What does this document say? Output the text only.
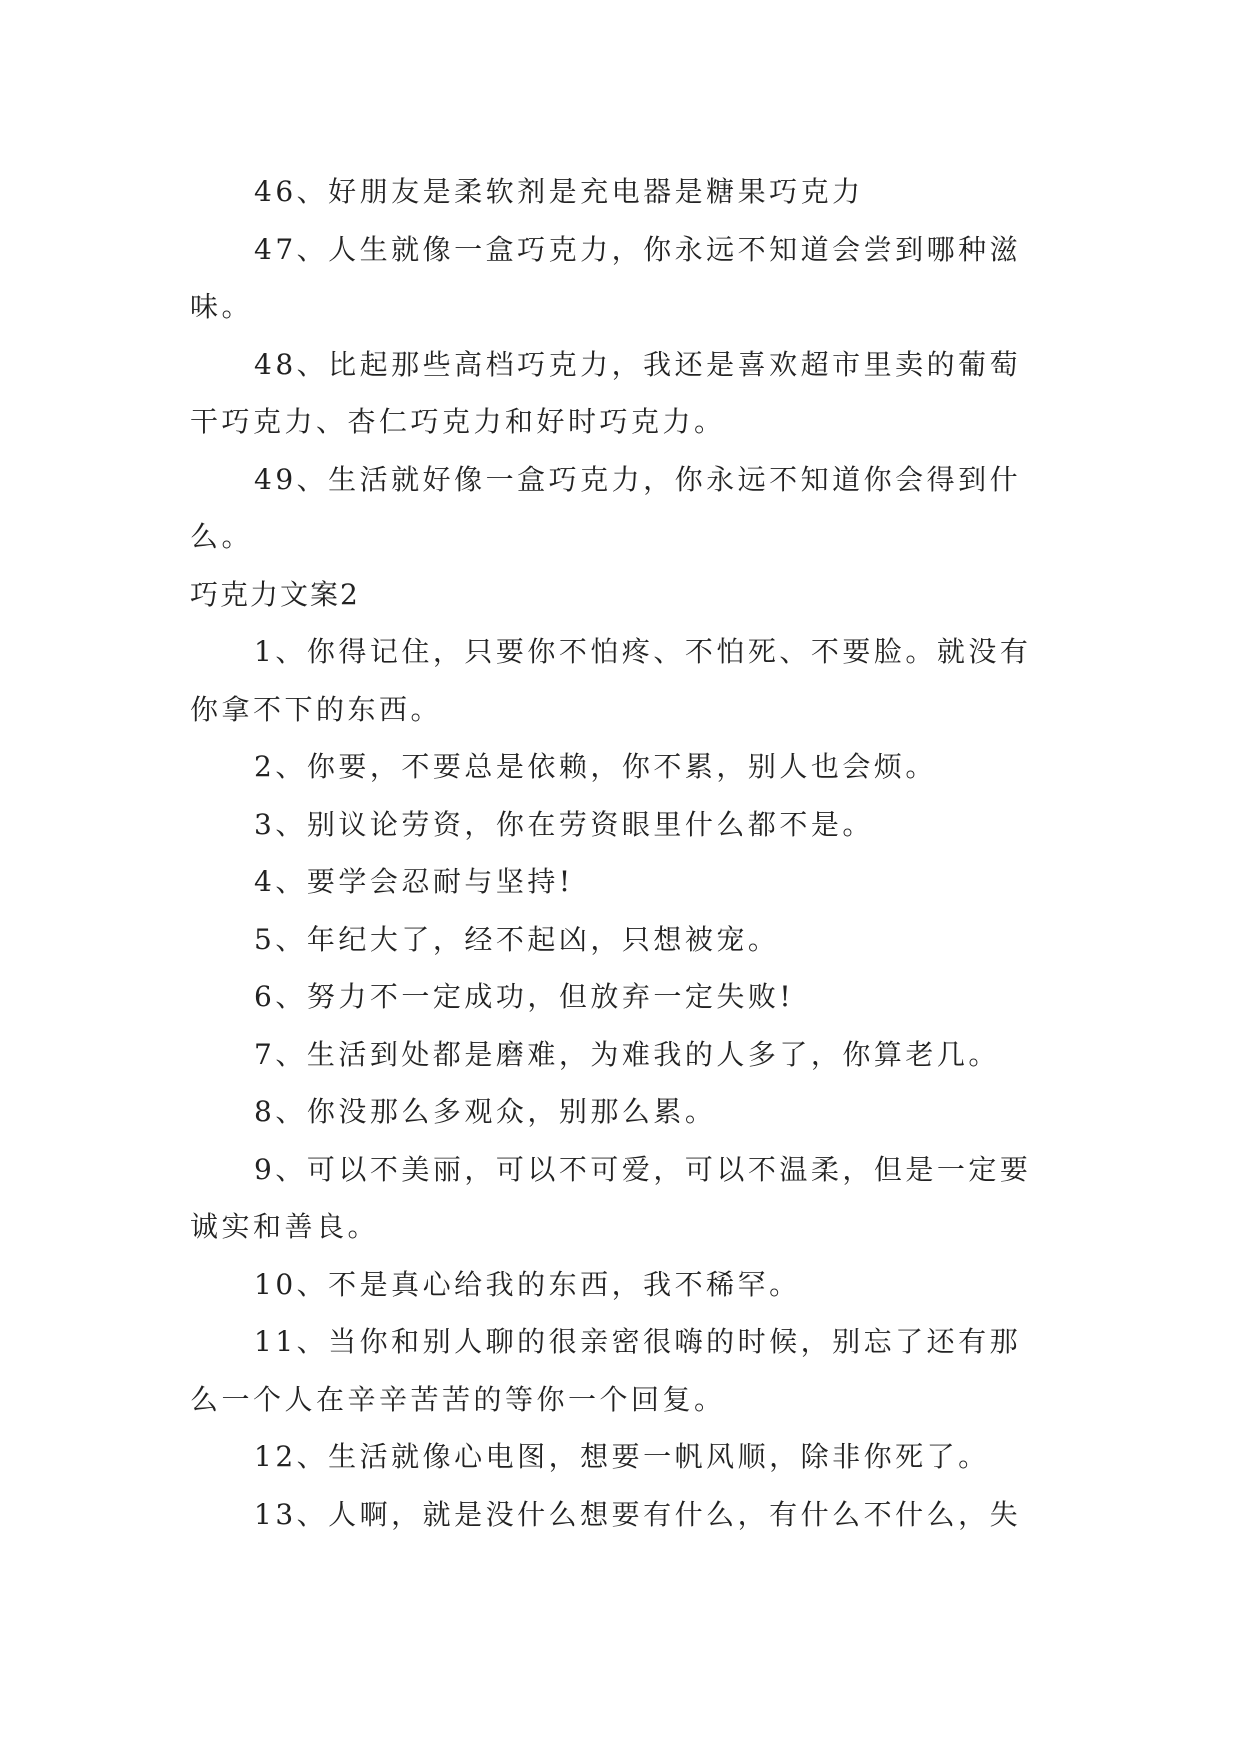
46、好朋友是柔软剂是充电器是糖果巧克力

47、人生就像一盒巧克力，你永远不知道会尝到哪种滋味。

48、比起那些高档巧克力，我还是喜欢超市里卖的葡萄干巧克力、杏仁巧克力和好时巧克力。

49、生活就好像一盒巧克力，你永远不知道你会得到什么。

巧克力文案2

1、你得记住，只要你不怕疼、不怕死、不要脸。就没有你拿不下的东西。

2、你要，不要总是依赖，你不累，别人也会烦。

3、别议论劳资，你在劳资眼里什么都不是。

4、要学会忍耐与坚持!

5、年纪大了，经不起凶，只想被宠。

6、努力不一定成功，但放弃一定失败!

7、生活到处都是磨难，为难我的人多了，你算老几。

8、你没那么多观众，别那么累。

9、可以不美丽，可以不可爱，可以不温柔，但是一定要诚实和善良。

10、不是真心给我的东西，我不稀罕。

11、当你和别人聊的很亲密很嗨的时候，别忘了还有那么一个人在辛辛苦苦的等你一个回复。

12、生活就像心电图，想要一帆风顺，除非你死了。

13、人啊，就是没什么想要有什么，有什么不什么，失
